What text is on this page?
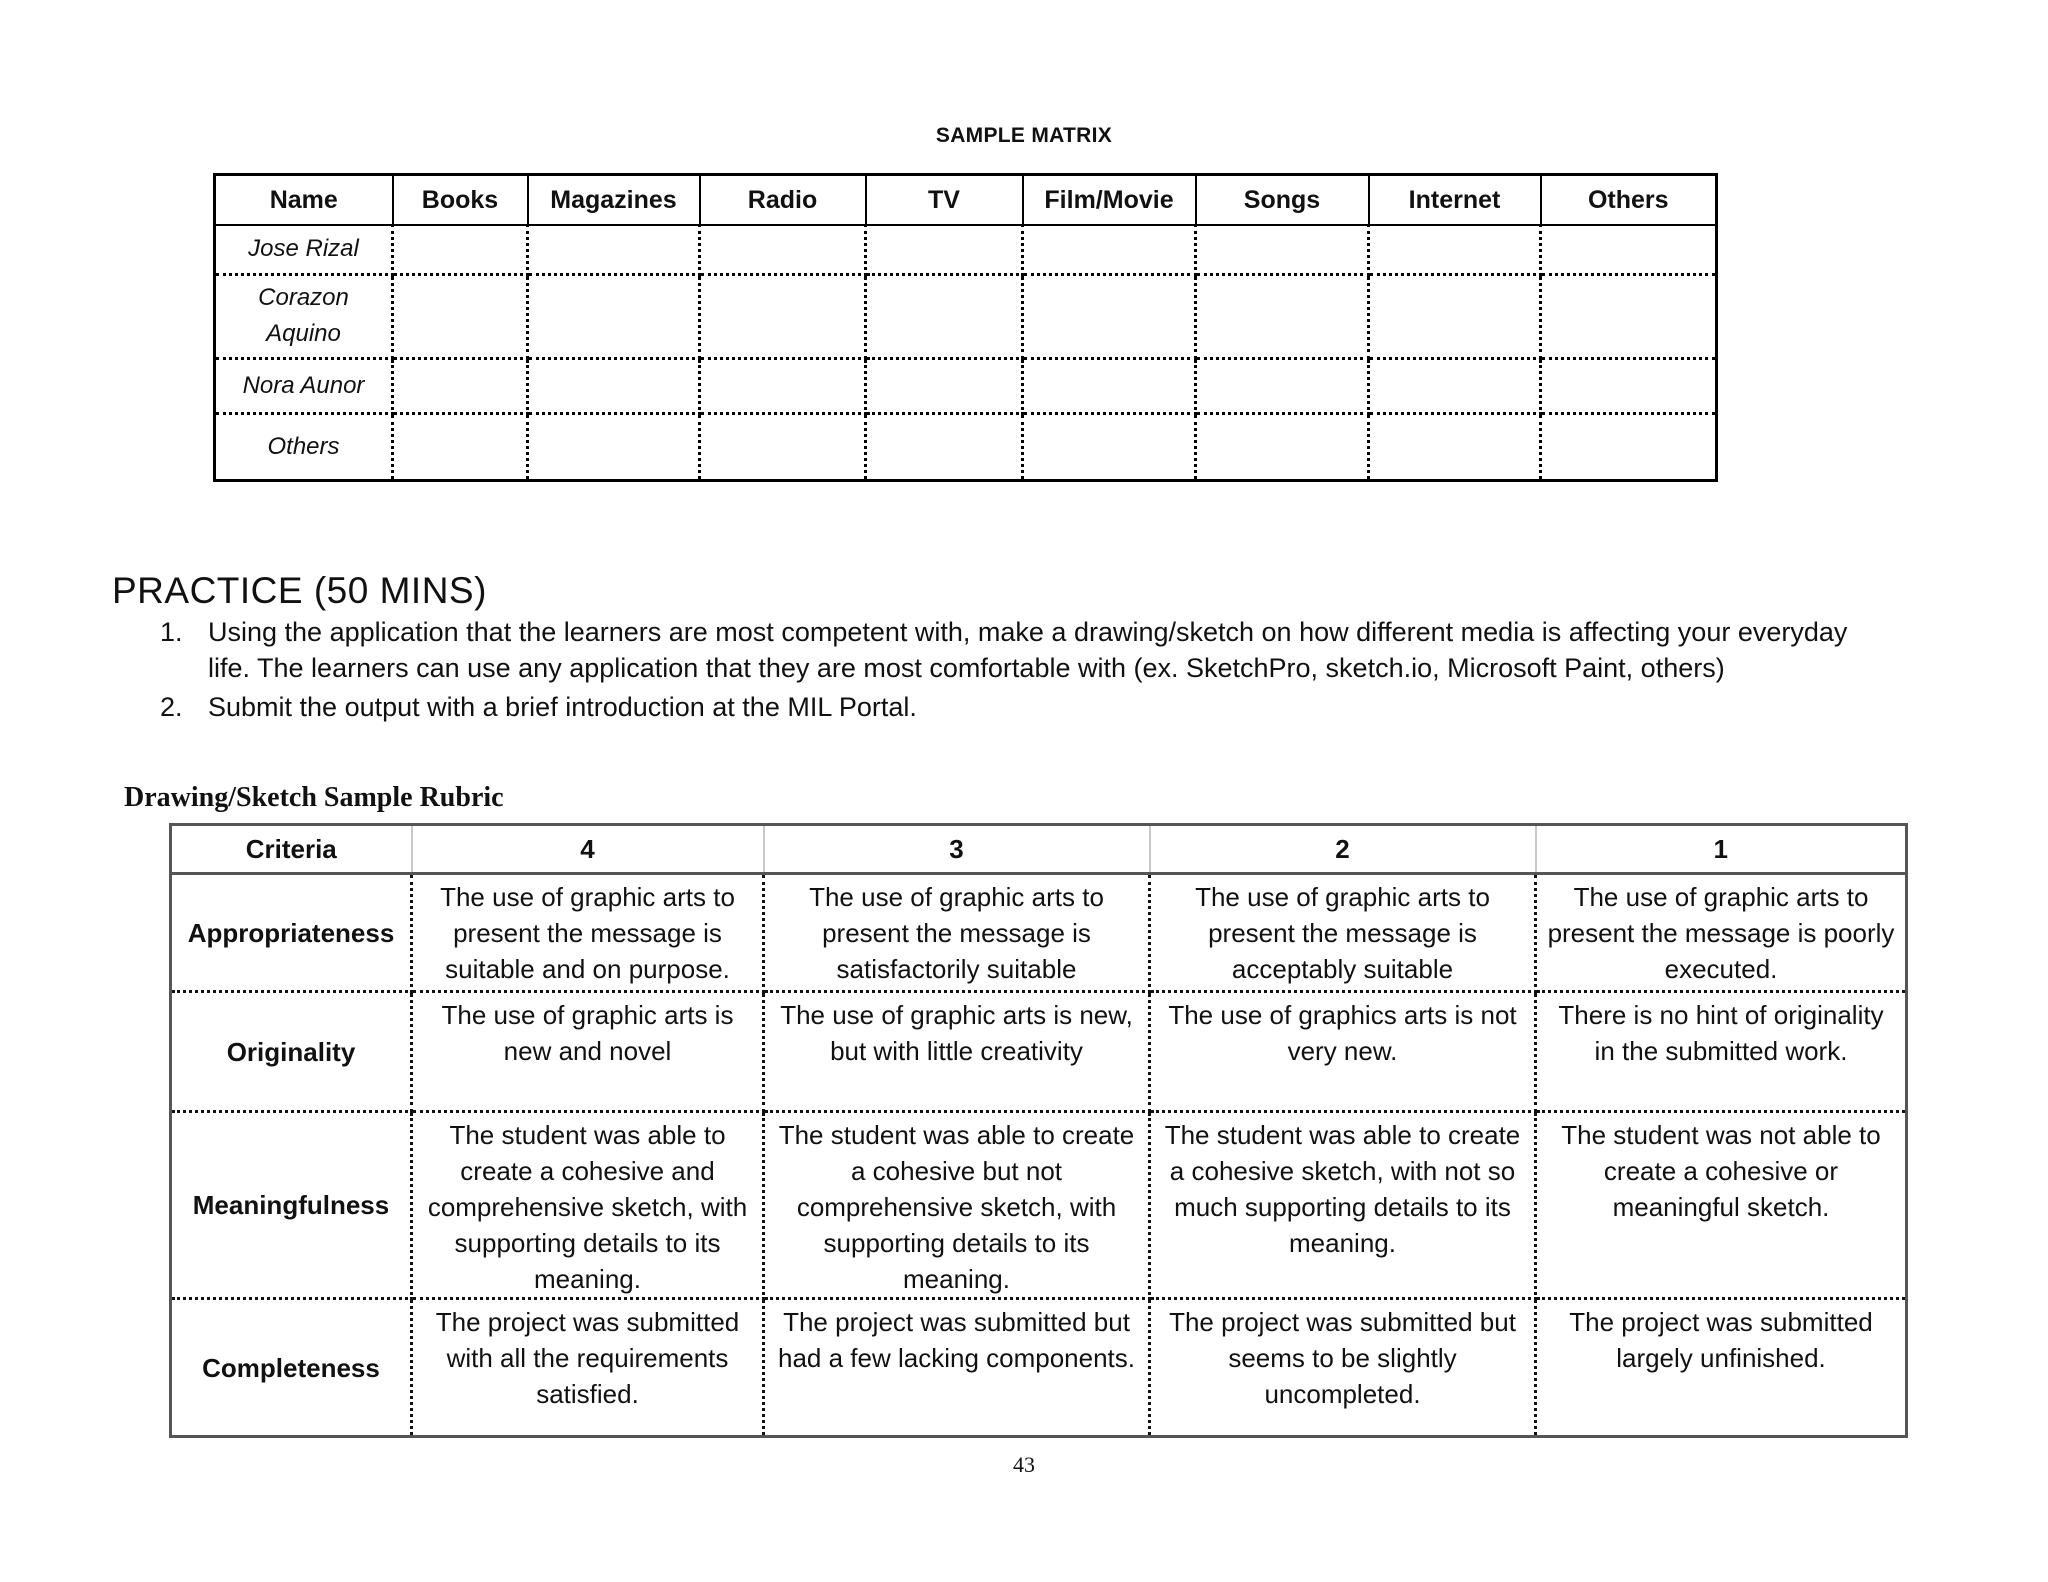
SAMPLE MATRIX
Name	Books	Magazines	Radio	TV	Film/Movie	Songs	Internet	Others
Jose Rizal								
Corazon Aquino								
Nora Aunor								
Others								
PRACTICE (50 MINS)
1. Using the application that the learners are most competent with, make a drawing/sketch on how different media is affecting your everyday life. The learners can use any application that they are most comfortable with (ex. SketchPro, sketch.io, Microsoft Paint, others)
2. Submit the output with a brief introduction at the MIL Portal.
Drawing/Sketch Sample Rubric
Criteria	4	3	2	1
Appropriateness	The use of graphic arts to present the message is suitable and on purpose.	The use of graphic arts to present the message is satisfactorily suitable	The use of graphic arts to present the message is acceptably suitable	The use of graphic arts to present the message is poorly executed.
Originality	The use of graphic arts is new and novel	The use of graphic arts is new, but with little creativity	The use of graphics arts is not very new.	There is no hint of originality in the submitted work.
Meaningfulness	The student was able to create a cohesive and comprehensive sketch, with supporting details to its meaning.	The student was able to create a cohesive but not comprehensive sketch, with supporting details to its meaning.	The student was able to create a cohesive sketch, with not so much supporting details to its meaning.	The student was not able to create a cohesive or meaningful sketch.
Completeness	The project was submitted with all the requirements satisfied.	The project was submitted but had a few lacking components.	The project was submitted but seems to be slightly uncompleted.	The project was submitted largely unfinished.
43
